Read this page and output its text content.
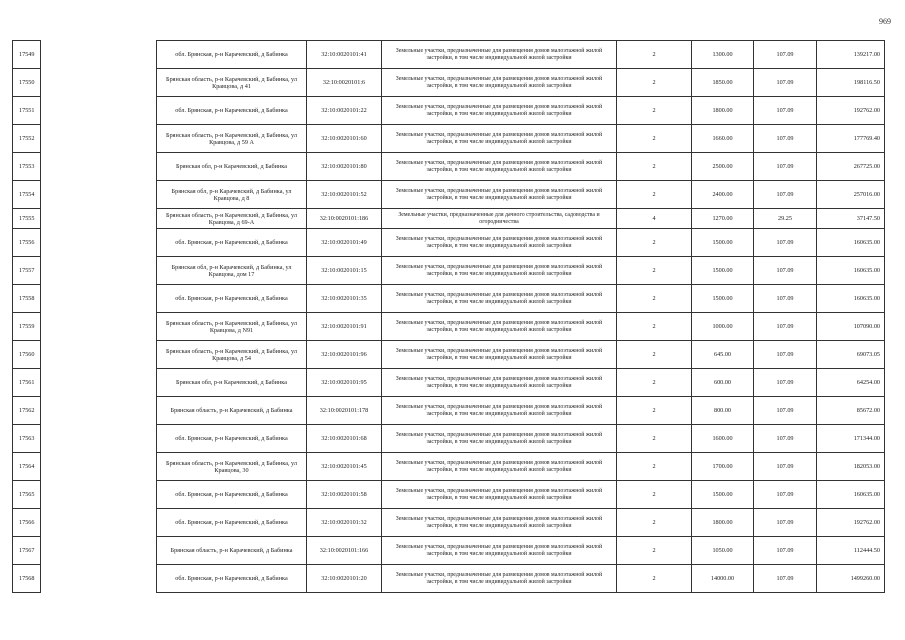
969
17549		обл. Брянская, р-н Карачевский, д Бабинка	32:10:0020101:41	Земельные участки, предназначенные для размещения домов малоэтажной жилой застройки, в том числе индивидуальной жилой застройки	2	1300.00	107.09	139217.00
17550		Брянская область, р-н Карачевский, д Бабинка, ул Кравцова, д 41	32:10:0020101:6	Земельные участки, предназначенные для размещения домов малоэтажной жилой застройки, в том числе индивидуальной жилой застройки	2	1850.00	107.09	198116.50
17551		обл. Брянская, р-н Карачевский, д Бабинка	32:10:0020101:22	Земельные участки, предназначенные для размещения домов малоэтажной жилой застройки, в том числе индивидуальной жилой застройки	2	1800.00	107.09	192762.00
17552		Брянская область, р-н Карачевский, д Бабинка, ул Кравцова, д 59 А	32:10:0020101:60	Земельные участки, предназначенные для размещения домов малоэтажной жилой застройки, в том числе индивидуальной жилой застройки	2	1660.00	107.09	177769.40
17553		Брянская обл, р-н Карачевский, д Бабинка	32:10:0020101:80	Земельные участки, предназначенные для размещения домов малоэтажной жилой застройки, в том числе индивидуальной жилой застройки	2	2500.00	107.09	267725.00
17554		Брянская обл, р-н Карачевский, д Бабинка, ул Кравцова, д 8	32:10:0020101:52	Земельные участки, предназначенные для размещения домов малоэтажной жилой застройки, в том числе индивидуальной жилой застройки	2	2400.00	107.09	257016.00
17555		Брянская область, р-н Карачевский, д Бабинка, ул Кравцова, д 69-А	32:10:0020101:186	Земельные участки, предназначенные для дачного строительства, садоводства и огородничества	4	1270.00	29.25	37147.50
17556		обл. Брянская, р-н Карачевский, д Бабинка	32:10:0020101:49	Земельные участки, предназначенные для размещения домов малоэтажной жилой застройки, в том числе индивидуальной жилой застройки	2	1500.00	107.09	160635.00
17557		Брянская обл, р-н Карачевский, д Бабинка, ул Кравцова, дом 17	32:10:0020101:15	Земельные участки, предназначенные для размещения домов малоэтажной жилой застройки, в том числе индивидуальной жилой застройки	2	1500.00	107.09	160635.00
17558		обл. Брянская, р-н Карачевский, д Бабинка	32:10:0020101:35	Земельные участки, предназначенные для размещения домов малоэтажной жилой застройки, в том числе индивидуальной жилой застройки	2	1500.00	107.09	160635.00
17559		Брянская область, р-н Карачевский, д Бабинка, ул Кравцова, д N91	32:10:0020101:91	Земельные участки, предназначенные для размещения домов малоэтажной жилой застройки, в том числе индивидуальной жилой застройки	2	1000.00	107.09	107090.00
17560		Брянская область, р-н Карачевский, д Бабинка, ул Кравцова, д 54	32:10:0020101:96	Земельные участки, предназначенные для размещения домов малоэтажной жилой застройки, в том числе индивидуальной жилой застройки	2	645.00	107.09	69073.05
17561		Брянская обл, р-н Карачевский, д Бабинка	32:10:0020101:95	Земельные участки, предназначенные для размещения домов малоэтажной жилой застройки, в том числе индивидуальной жилой застройки	2	600.00	107.09	64254.00
17562		Брянская область, р-н Карачевский, д Бабинка	32:10:0020101:178	Земельные участки, предназначенные для размещения домов малоэтажной жилой застройки, в том числе индивидуальной жилой застройки	2	800.00	107.09	85672.00
17563		обл. Брянская, р-н Карачевский, д Бабинка	32:10:0020101:68	Земельные участки, предназначенные для размещения домов малоэтажной жилой застройки, в том числе индивидуальной жилой застройки	2	1600.00	107.09	171344.00
17564		Брянская область, р-н Карачевский, д Бабинка, ул Кравцова, 30	32:10:0020101:45	Земельные участки, предназначенные для размещения домов малоэтажной жилой застройки, в том числе индивидуальной жилой застройки	2	1700.00	107.09	182053.00
17565		обл. Брянская, р-н Карачевский, д Бабинка	32:10:0020101:58	Земельные участки, предназначенные для размещения домов малоэтажной жилой застройки, в том числе индивидуальной жилой застройки	2	1500.00	107.09	160635.00
17566		обл. Брянская, р-н Карачевский, д Бабинка	32:10:0020101:32	Земельные участки, предназначенные для размещения домов малоэтажной жилой застройки, в том числе индивидуальной жилой застройки	2	1800.00	107.09	192762.00
17567		Брянская область, р-н Карачевский, д Бабинка	32:10:0020101:166	Земельные участки, предназначенные для размещения домов малоэтажной жилой застройки, в том числе индивидуальной жилой застройки	2	1050.00	107.09	112444.50
17568		обл. Брянская, р-н Карачевский, д Бабинка	32:10:0020101:20	Земельные участки, предназначенные для размещения домов малоэтажной жилой застройки, в том числе индивидуальной жилой застройки	2	14000.00	107.09	1499260.00
